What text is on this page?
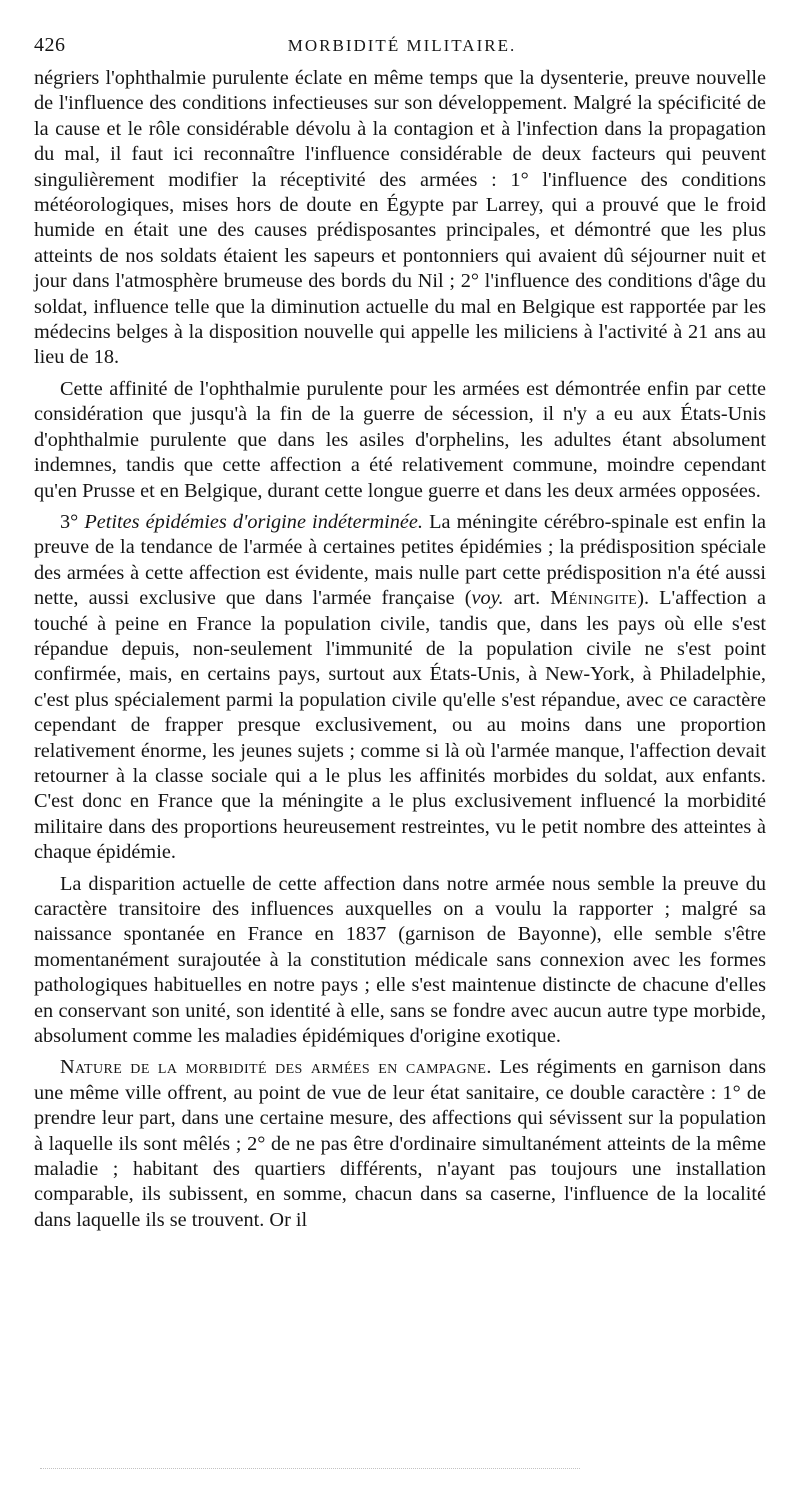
426	MORBIDITÉ MILITAIRE.

négriers l'ophthalmie purulente éclate en même temps que la dysenterie, preuve nouvelle de l'influence des conditions infectieuses sur son développement. Malgré la spécificité de la cause et le rôle considérable dévolu à la contagion et à l'infection dans la propagation du mal, il faut ici reconnaître l'influence considérable de deux facteurs qui peuvent singulièrement modifier la réceptivité des armées : 1° l'influence des conditions météorologiques, mises hors de doute en Égypte par Larrey, qui a prouvé que le froid humide en était une des causes prédisposantes principales, et démontré que les plus atteints de nos soldats étaient les sapeurs et pontonniers qui avaient dû séjourner nuit et jour dans l'atmosphère brumeuse des bords du Nil ; 2° l'influence des conditions d'âge du soldat, influence telle que la diminution actuelle du mal en Belgique est rapportée par les médecins belges à la disposition nouvelle qui appelle les miliciens à l'activité à 21 ans au lieu de 18.

Cette affinité de l'ophthalmie purulente pour les armées est démontrée enfin par cette considération que jusqu'à la fin de la guerre de sécession, il n'y a eu aux États-Unis d'ophthalmie purulente que dans les asiles d'orphelins, les adultes étant absolument indemnes, tandis que cette affection a été relativement commune, moindre cependant qu'en Prusse et en Belgique, durant cette longue guerre et dans les deux armées opposées.

3° Petites épidémies d'origine indéterminée. La méningite cérébro-spinale est enfin la preuve de la tendance de l'armée à certaines petites épidémies ; la prédisposition spéciale des armées à cette affection est évidente, mais nulle part cette prédisposition n'a été aussi nette, aussi exclusive que dans l'armée française (voy. art. Méningite). L'affection a touché à peine en France la population civile, tandis que, dans les pays où elle s'est répandue depuis, non-seulement l'immunité de la population civile ne s'est point confirmée, mais, en certains pays, surtout aux États-Unis, à New-York, à Philadelphie, c'est plus spécialement parmi la population civile qu'elle s'est répandue, avec ce caractère cependant de frapper presque exclusivement, ou au moins dans une proportion relativement énorme, les jeunes sujets ; comme si là où l'armée manque, l'affection devait retourner à la classe sociale qui a le plus les affinités morbides du soldat, aux enfants. C'est donc en France que la méningite a le plus exclusivement influencé la morbidité militaire dans des proportions heureusement restreintes, vu le petit nombre des atteintes à chaque épidémie.

La disparition actuelle de cette affection dans notre armée nous semble la preuve du caractère transitoire des influences auxquelles on a voulu la rapporter ; malgré sa naissance spontanée en France en 1837 (garnison de Bayonne), elle semble s'être momentanément surajoutée à la constitution médicale sans connexion avec les formes pathologiques habituelles en notre pays ; elle s'est maintenue distincte de chacune d'elles en conservant son unité, son identité à elle, sans se fondre avec aucun autre type morbide, absolument comme les maladies épidémiques d'origine exotique.

Nature de la morbidité des armées en campagne. Les régiments en garnison dans une même ville offrent, au point de vue de leur état sanitaire, ce double caractère : 1° de prendre leur part, dans une certaine mesure, des affections qui sévissent sur la population à laquelle ils sont mêlés ; 2° de ne pas être d'ordinaire simultanément atteints de la même maladie ; habitant des quartiers différents, n'ayant pas toujours une installation comparable, ils subissent, en somme, chacun dans sa caserne, l'influence de la localité dans laquelle ils se trouvent. Or il
